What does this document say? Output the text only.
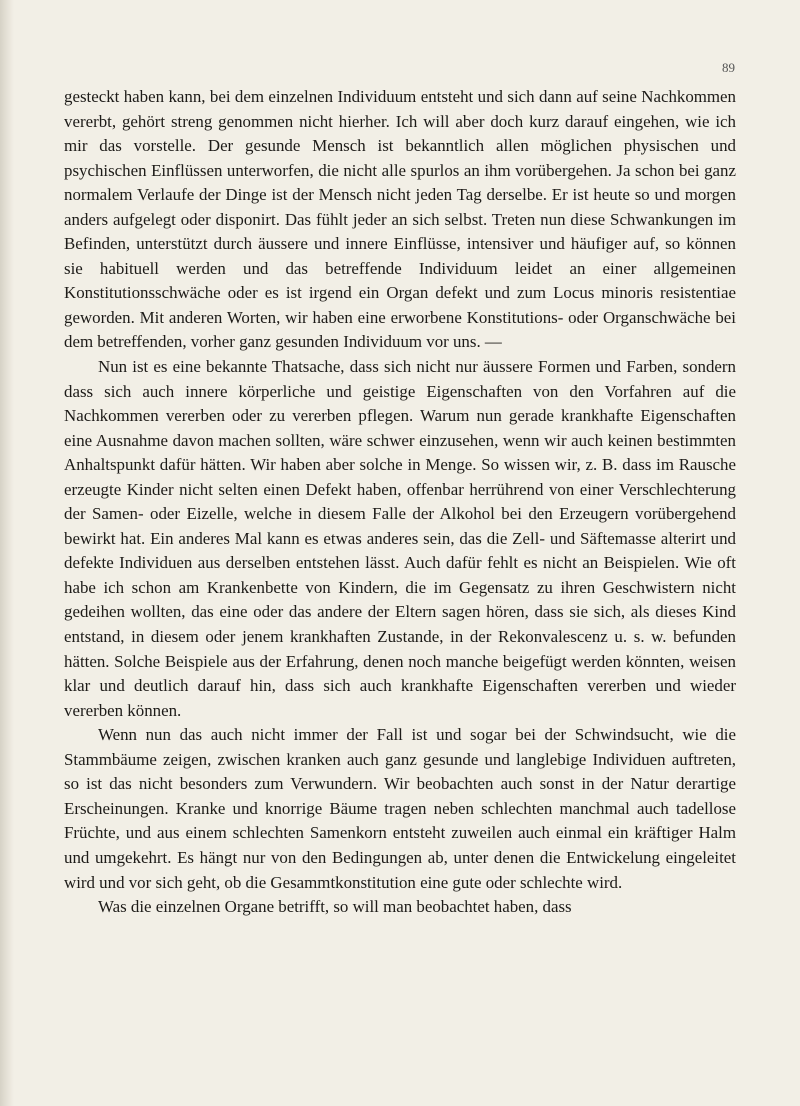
89

gesteckt haben kann, bei dem einzelnen Individuum entsteht und sich dann auf seine Nachkommen vererbt, gehört streng genommen nicht hierher. Ich will aber doch kurz darauf eingehen, wie ich mir das vorstelle. Der gesunde Mensch ist bekanntlich allen möglichen physischen und psychischen Einflüssen unterworfen, die nicht alle spurlos an ihm vorübergehen. Ja schon bei ganz normalem Verlaufe der Dinge ist der Mensch nicht jeden Tag derselbe. Er ist heute so und morgen anders aufgelegt oder disponirt. Das fühlt jeder an sich selbst. Treten nun diese Schwankungen im Befinden, unterstützt durch äussere und innere Einflüsse, intensiver und häufiger auf, so können sie habituell werden und das betreffende Individuum leidet an einer allgemeinen Konstitutionsschwäche oder es ist irgend ein Organ defekt und zum Locus minoris resistentiae geworden. Mit anderen Worten, wir haben eine erworbene Konstitutions- oder Organschwäche bei dem betreffenden, vorher ganz gesunden Individuum vor uns. —

Nun ist es eine bekannte Thatsache, dass sich nicht nur äussere Formen und Farben, sondern dass sich auch innere körperliche und geistige Eigenschaften von den Vorfahren auf die Nachkommen vererben oder zu vererben pflegen. Warum nun gerade krankhafte Eigenschaften eine Ausnahme davon machen sollten, wäre schwer einzusehen, wenn wir auch keinen bestimmten Anhaltspunkt dafür hätten. Wir haben aber solche in Menge. So wissen wir, z. B. dass im Rausche erzeugte Kinder nicht selten einen Defekt haben, offenbar herrührend von einer Verschlechterung der Samen- oder Eizelle, welche in diesem Falle der Alkohol bei den Erzeugern vorübergehend bewirkt hat. Ein anderes Mal kann es etwas anderes sein, das die Zell- und Säftemasse alterirt und defekte Individuen aus derselben entstehen lässt. Auch dafür fehlt es nicht an Beispielen. Wie oft habe ich schon am Krankenbette von Kindern, die im Gegensatz zu ihren Geschwistern nicht gedeihen wollten, das eine oder das andere der Eltern sagen hören, dass sie sich, als dieses Kind entstand, in diesem oder jenem krankhaften Zustande, in der Rekonvalescenz u. s. w. befunden hätten. Solche Beispiele aus der Erfahrung, denen noch manche beigefügt werden könnten, weisen klar und deutlich darauf hin, dass sich auch krankhafte Eigenschaften vererben und wieder vererben können.

Wenn nun das auch nicht immer der Fall ist und sogar bei der Schwindsucht, wie die Stammbäume zeigen, zwischen kranken auch ganz gesunde und langlebige Individuen auftreten, so ist das nicht besonders zum Verwundern. Wir beobachten auch sonst in der Natur derartige Erscheinungen. Kranke und knorrige Bäume tragen neben schlechten manchmal auch tadellose Früchte, und aus einem schlechten Samenkorn entsteht zuweilen auch einmal ein kräftiger Halm und umgekehrt. Es hängt nur von den Bedingungen ab, unter denen die Entwickelung eingeleitet wird und vor sich geht, ob die Gesammtkonstitution eine gute oder schlechte wird.

Was die einzelnen Organe betrifft, so will man beobachtet haben, dass
